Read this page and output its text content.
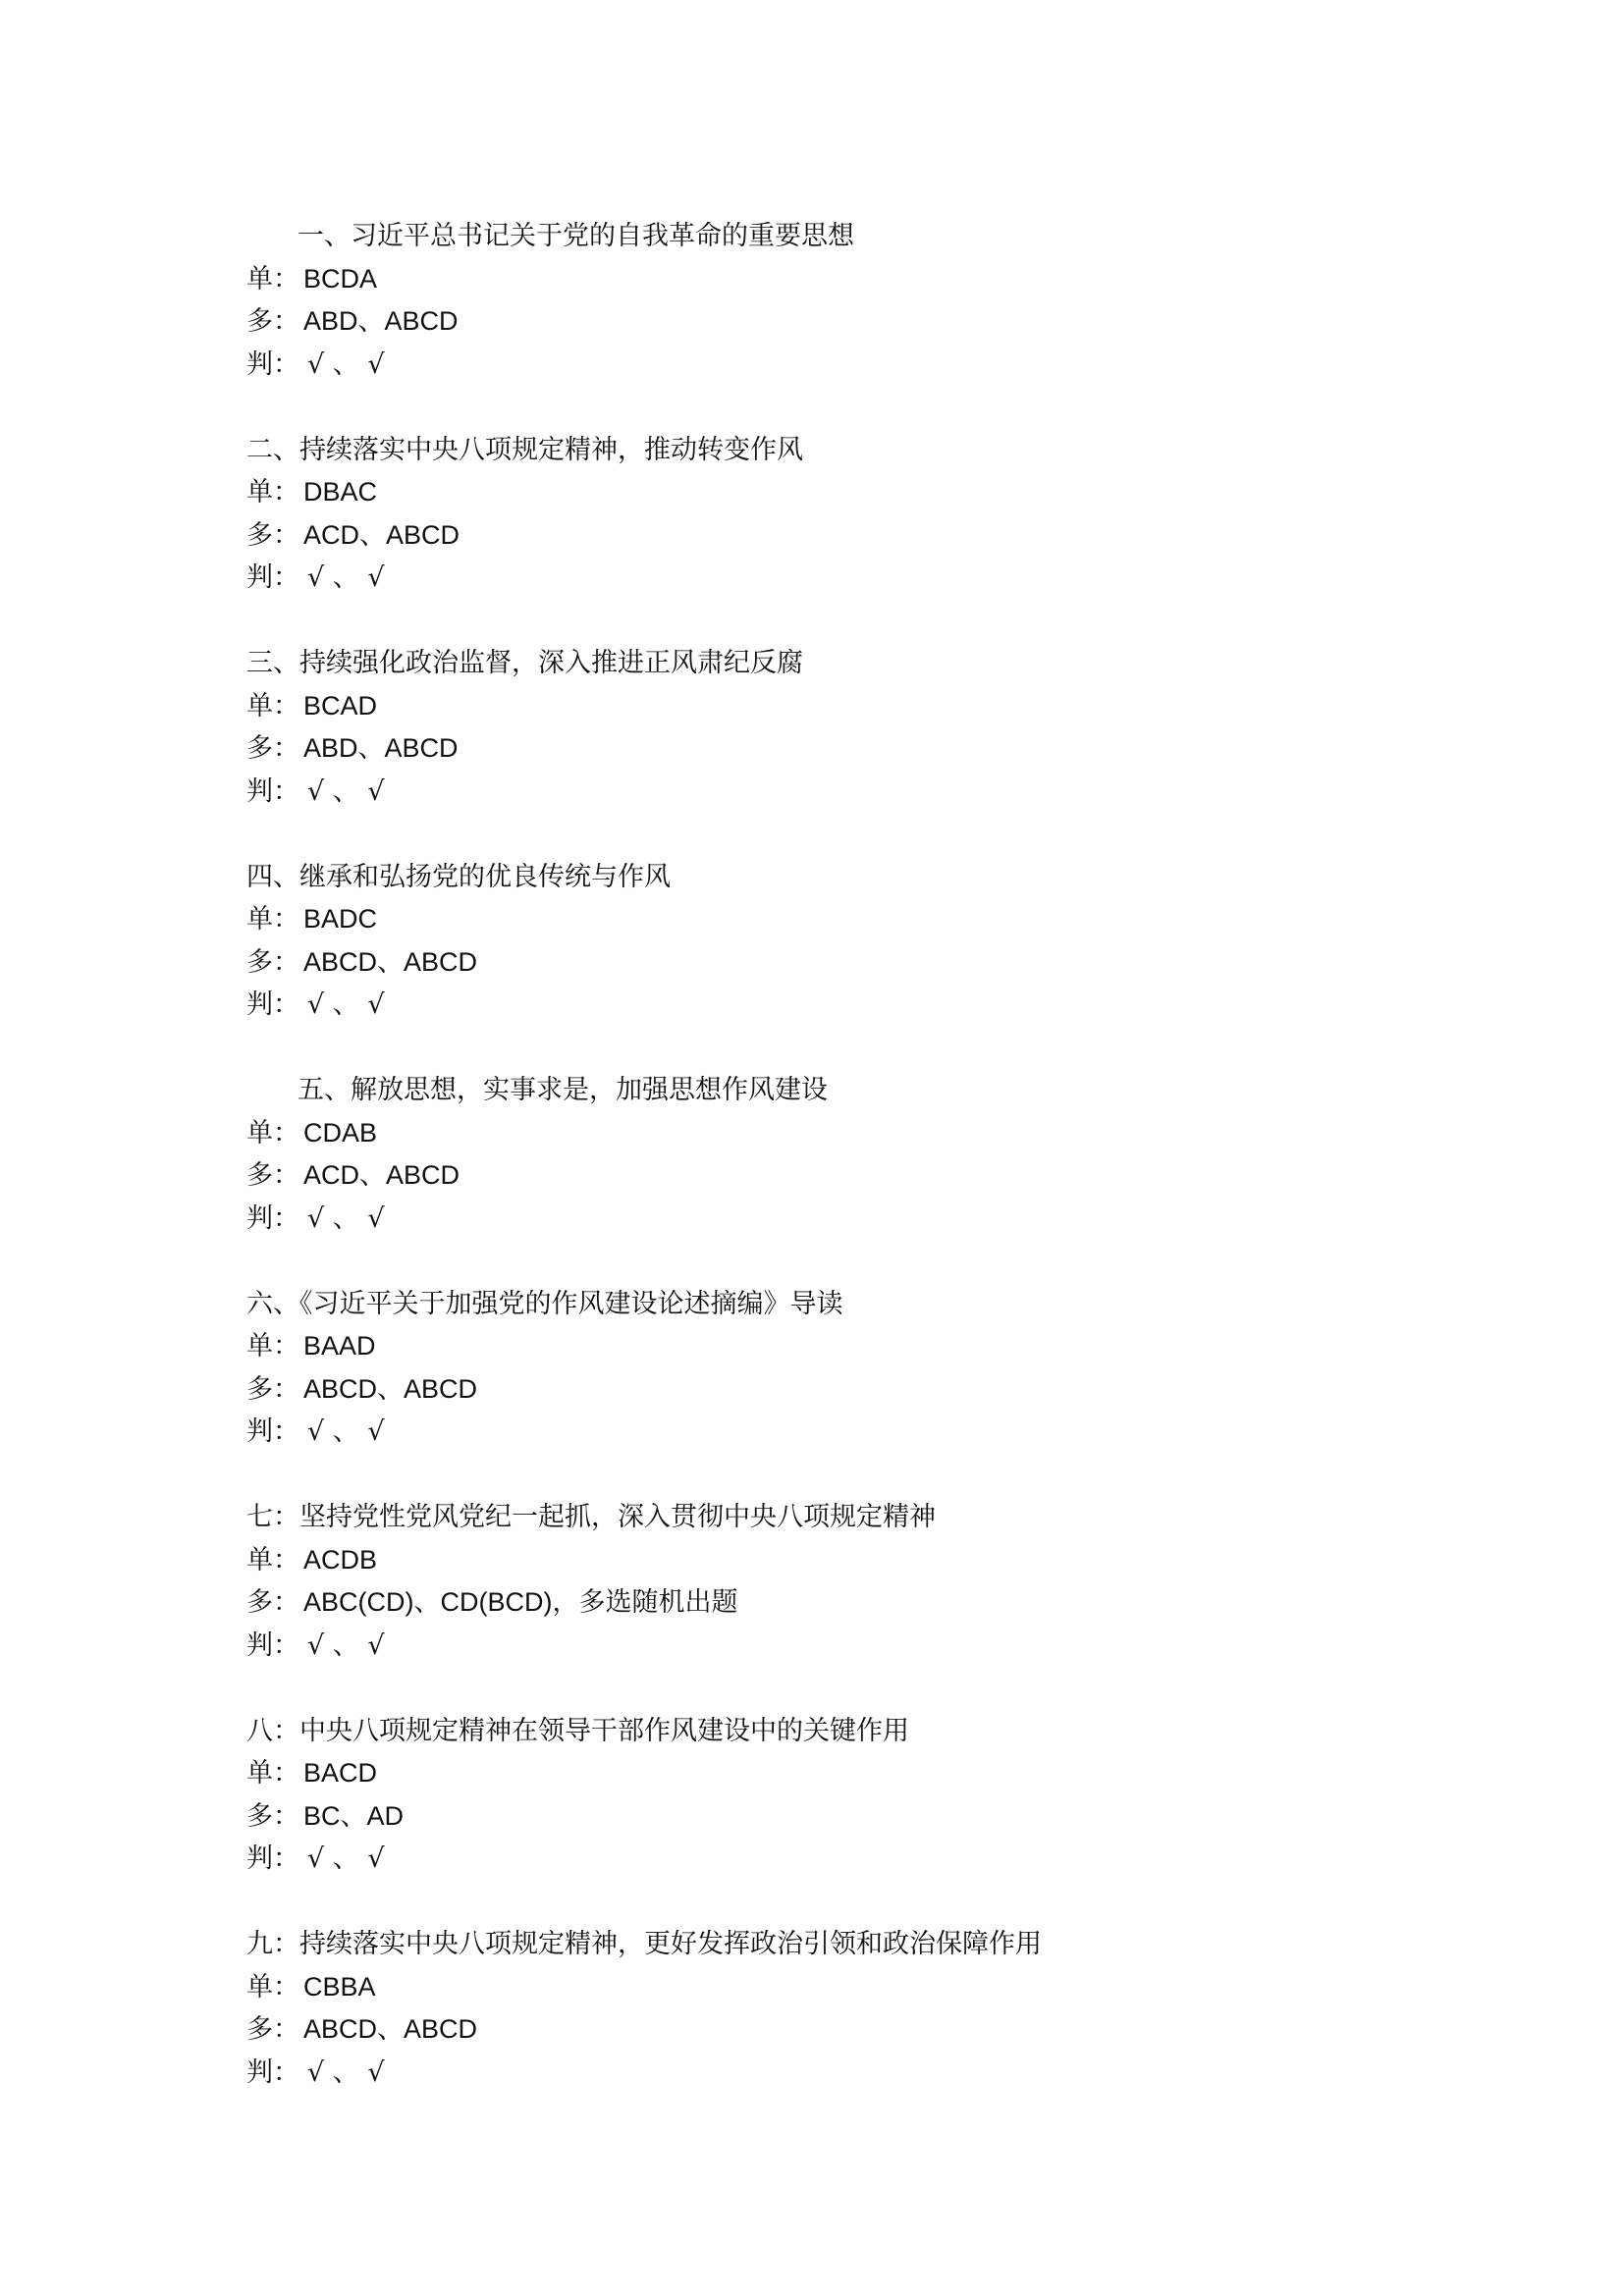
一、习近平总书记关于党的自我革命的重要思想
单： BCDA
多： ABD、ABCD
判： √ 、 √
二、持续落实中央八项规定精神，推动转变作风
单： DBAC
多： ACD、ABCD
判： √ 、 √
三、持续强化政治监督，深入推进正风肃纪反腐
单： BCAD
多： ABD、ABCD
判： √ 、 √
四、继承和弘扬党的优良传统与作风
单： BADC
多： ABCD、ABCD
判： √ 、 √
五、解放思想，实事求是，加强思想作风建设
单： CDAB
多： ACD、ABCD
判： √ 、 √
六、《习近平关于加强党的作风建设论述摘编》导读
单： BAAD
多： ABCD、ABCD
判： √ 、 √
七：坚持党性党风党纪一起抓，深入贯彻中央八项规定精神
单： ACDB
多： ABC(CD)、CD(BCD)，多选随机出题
判： √ 、 √
八：中央八项规定精神在领导干部作风建设中的关键作用
单： BACD
多： BC、AD
判： √ 、 √
九：持续落实中央八项规定精神，更好发挥政治引领和政治保障作用
单： CBBA
多： ABCD、ABCD
判： √ 、 √
